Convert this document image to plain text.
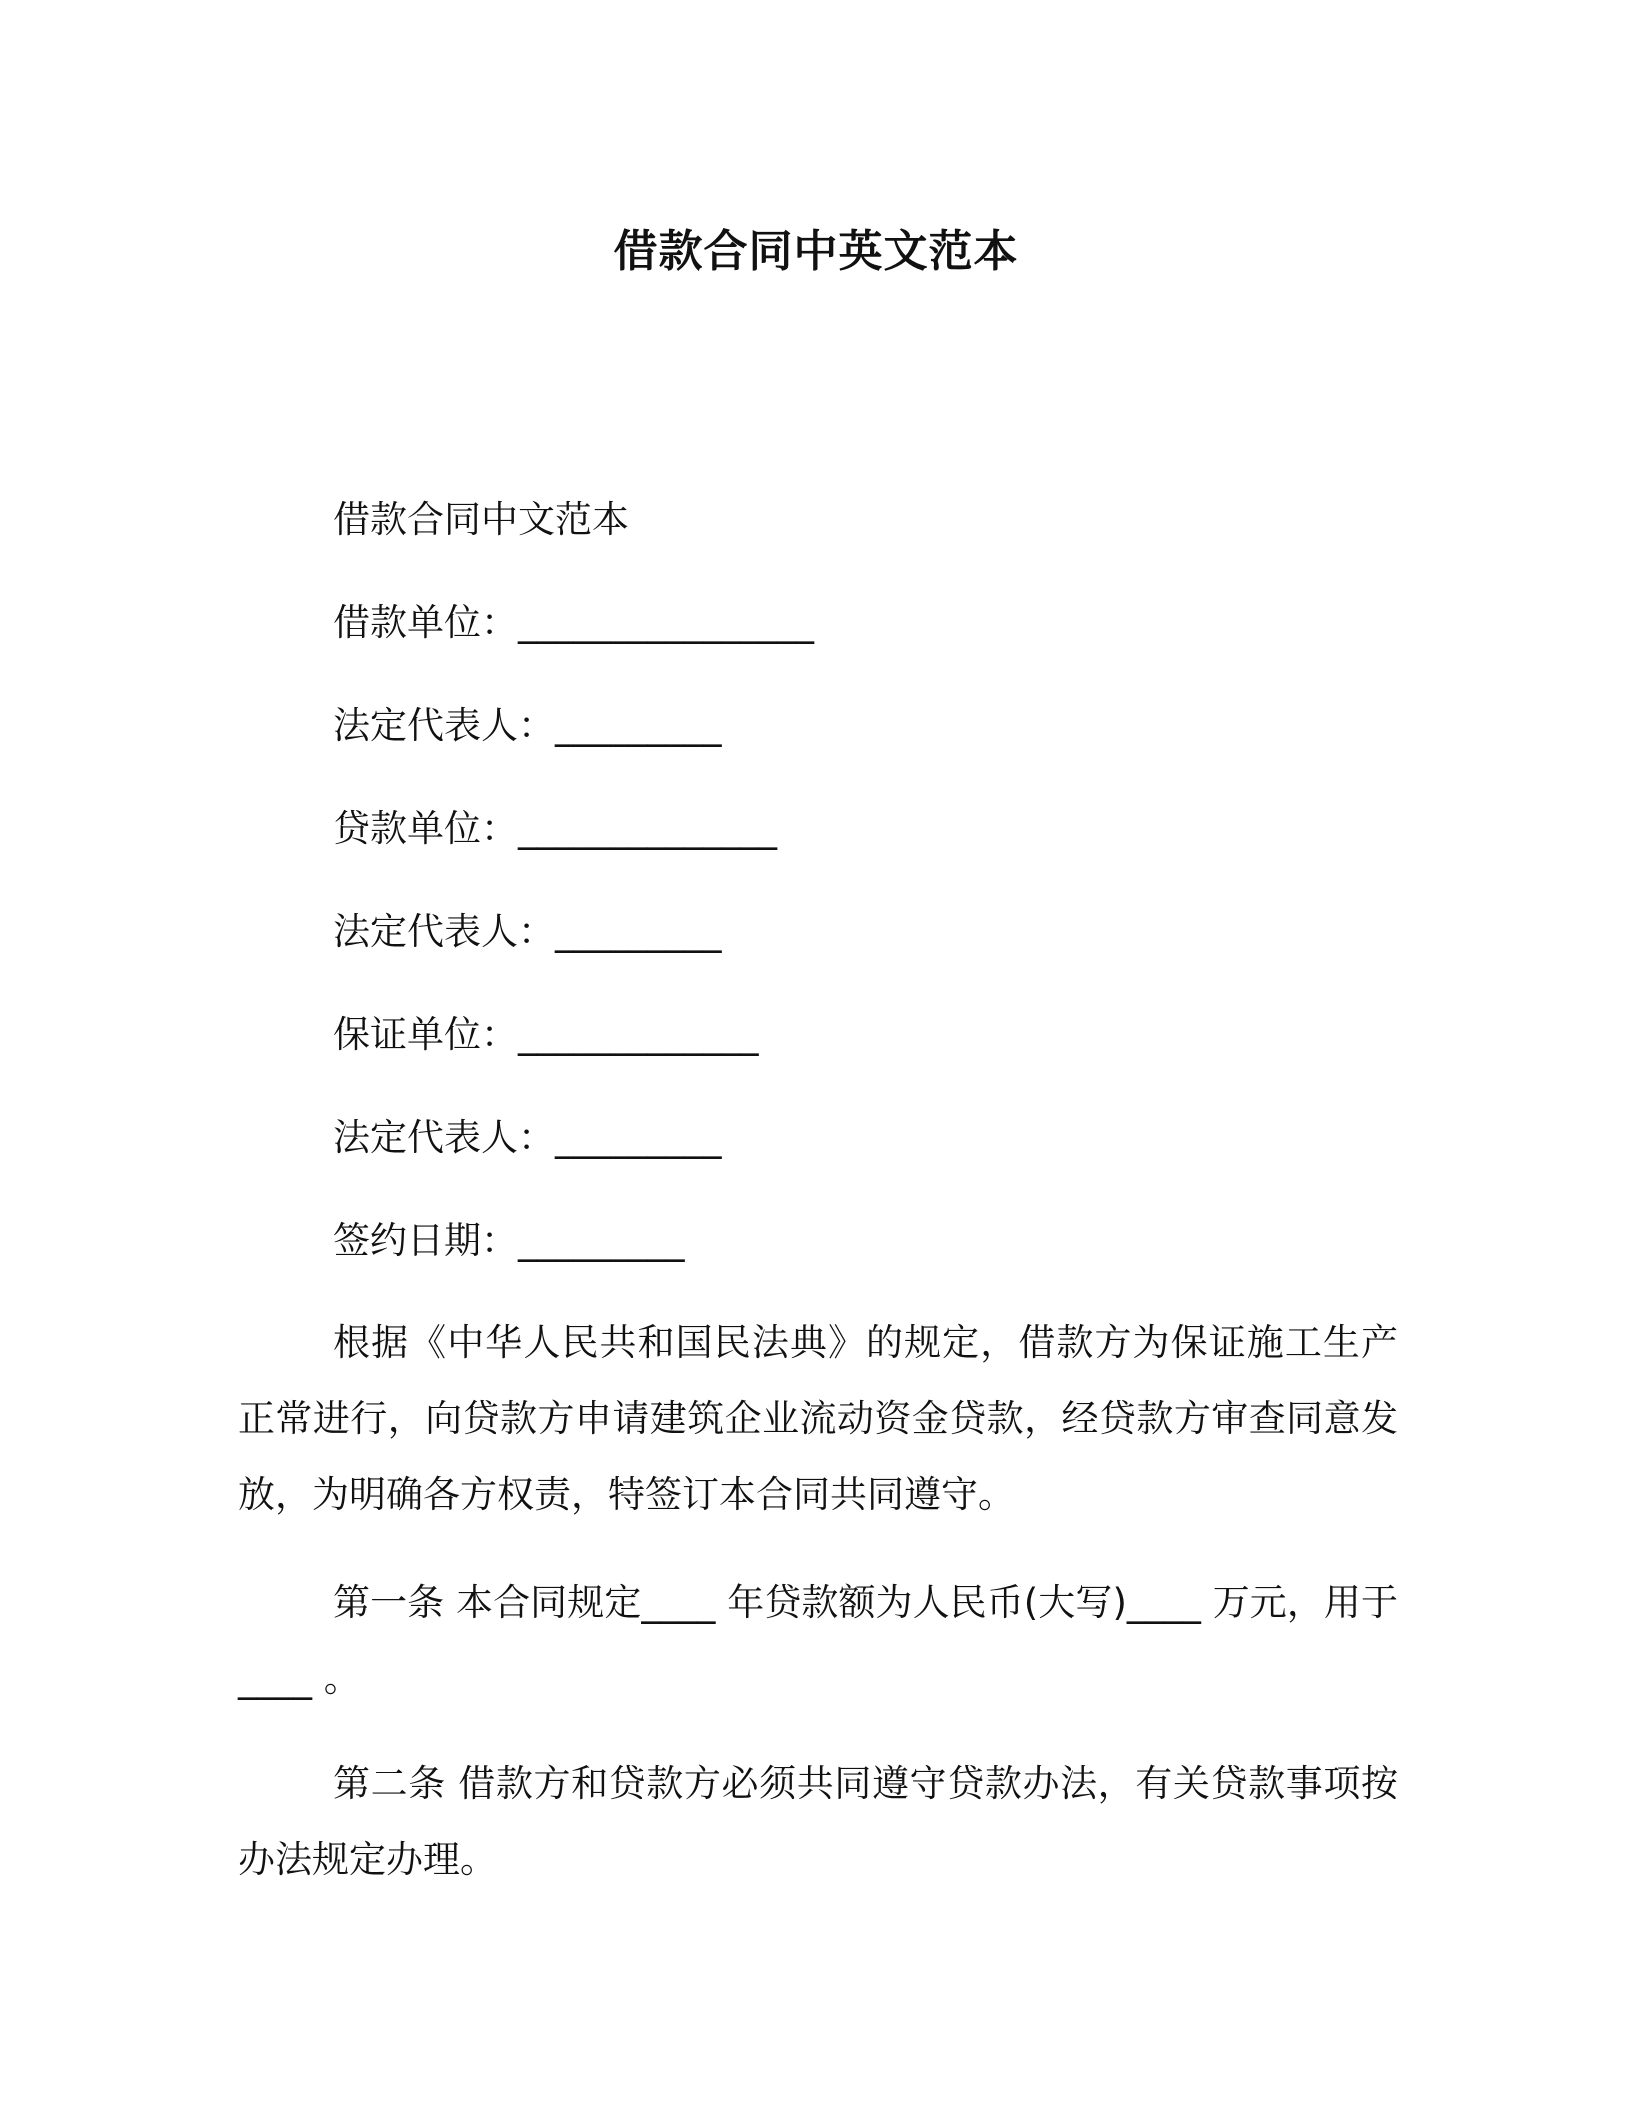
借款合同中英文范本
借款合同中文范本
借款单位：________________
法定代表人：_________
贷款单位：______________
法定代表人：_________
保证单位：_____________
法定代表人：_________
签约日期：_________
根据《中华人民共和国民法典》的规定，借款方为保证施工生产正常进行，向贷款方申请建筑企业流动资金贷款，经贷款方审查同意发放，为明确各方权责，特签订本合同共同遵守。
第一条 本合同规定____ 年贷款额为人民币(大写)____ 万元，用于____ 。
第二条 借款方和贷款方必须共同遵守贷款办法，有关贷款事项按办法规定办理。
